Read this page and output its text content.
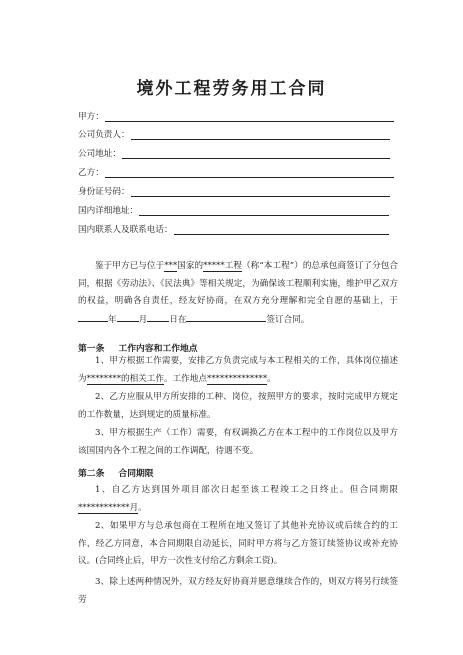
境外工程劳务用工合同
甲方：
公司负责人：
公司地址：
乙方：
身份证号码：
国内详细地址：
国内联系人及联系电话：
鉴于甲方已与位于***国家的*****工程（称“本工程”）的总承包商签订了分包合同，根据《劳动法》、《民法典》等相关规定，为确保该工程顺利实施，维护甲乙双方的权益，明确各自责任，经友好协商，在双方充分理解和完全自愿的基础上，于年	月	日在	签订合同。
第一条 工作内容和工作地点
1、甲方根据工作需要，安排乙方负责完成与本工程相关的工作，具体岗位描述为********的相关工作。工作地点**************。
2、乙方应服从甲方所安排的工种、岗位，按照甲方的要求，按时完成甲方规定的工作数量，达到规定的质量标准。
3、甲方根据生产（工作）需要，有权调换乙方在本工程中的工作岗位以及甲方该国国内各个工程之间的工作调配，待遇不变。
第二条 合同期限
1、自乙方达到国外项目部次日起至该工程竣工之日终止。但合同期限************月。
2、如果甲方与总承包商在工程所在地又签订了其他补充协议或后续合约的工作，经乙方同意，本合同期限自动延长，同时甲方将与乙方签订续签协议或补充协议。(合同终止后，甲方一次性支付给乙方剩余工资)。
3、除上述两种情况外，双方经友好协商并愿意继续合作的，则双方将另行续签劳
